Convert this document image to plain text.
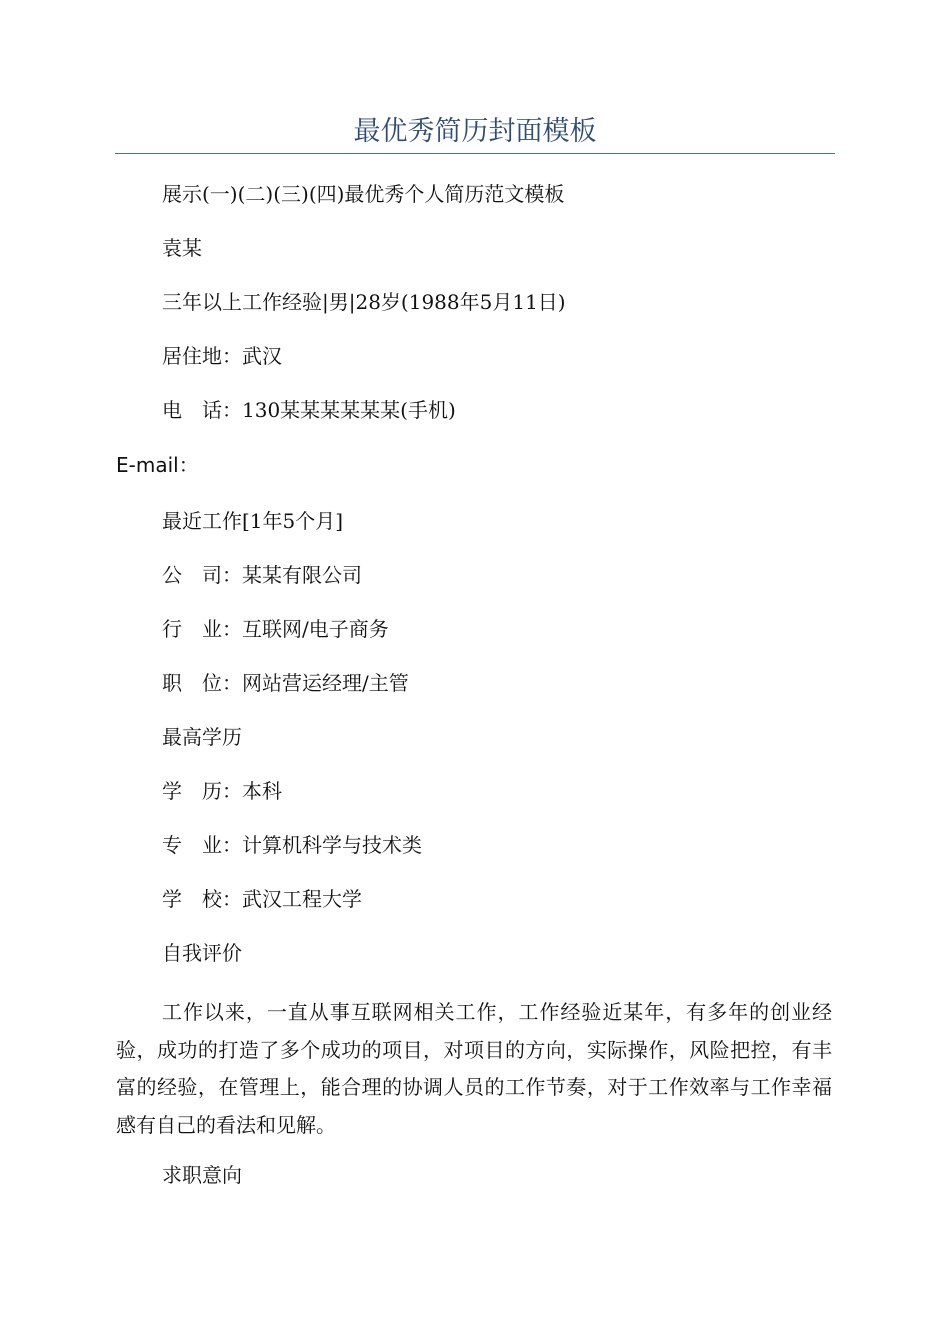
最优秀简历封面模板

展示(一)(二)(三)(四)最优秀个人简历范文模板

袁某

三年以上工作经验|男|28岁(1988年5月11日)

居住地：武汉

电　话：130某某某某某某(手机)

E-mail：

最近工作[1年5个月]

公　司：某某有限公司

行　业：互联网/电子商务

职　位：网站营运经理/主管

最高学历

学　历：本科

专　业：计算机科学与技术类

学　校：武汉工程大学

自我评价

工作以来，一直从事互联网相关工作，工作经验近某年，有多年的创业经验，成功的打造了多个成功的项目，对项目的方向，实际操作，风险把控，有丰富的经验，在管理上，能合理的协调人员的工作节奏，对于工作效率与工作幸福感有自己的看法和见解。

求职意向
